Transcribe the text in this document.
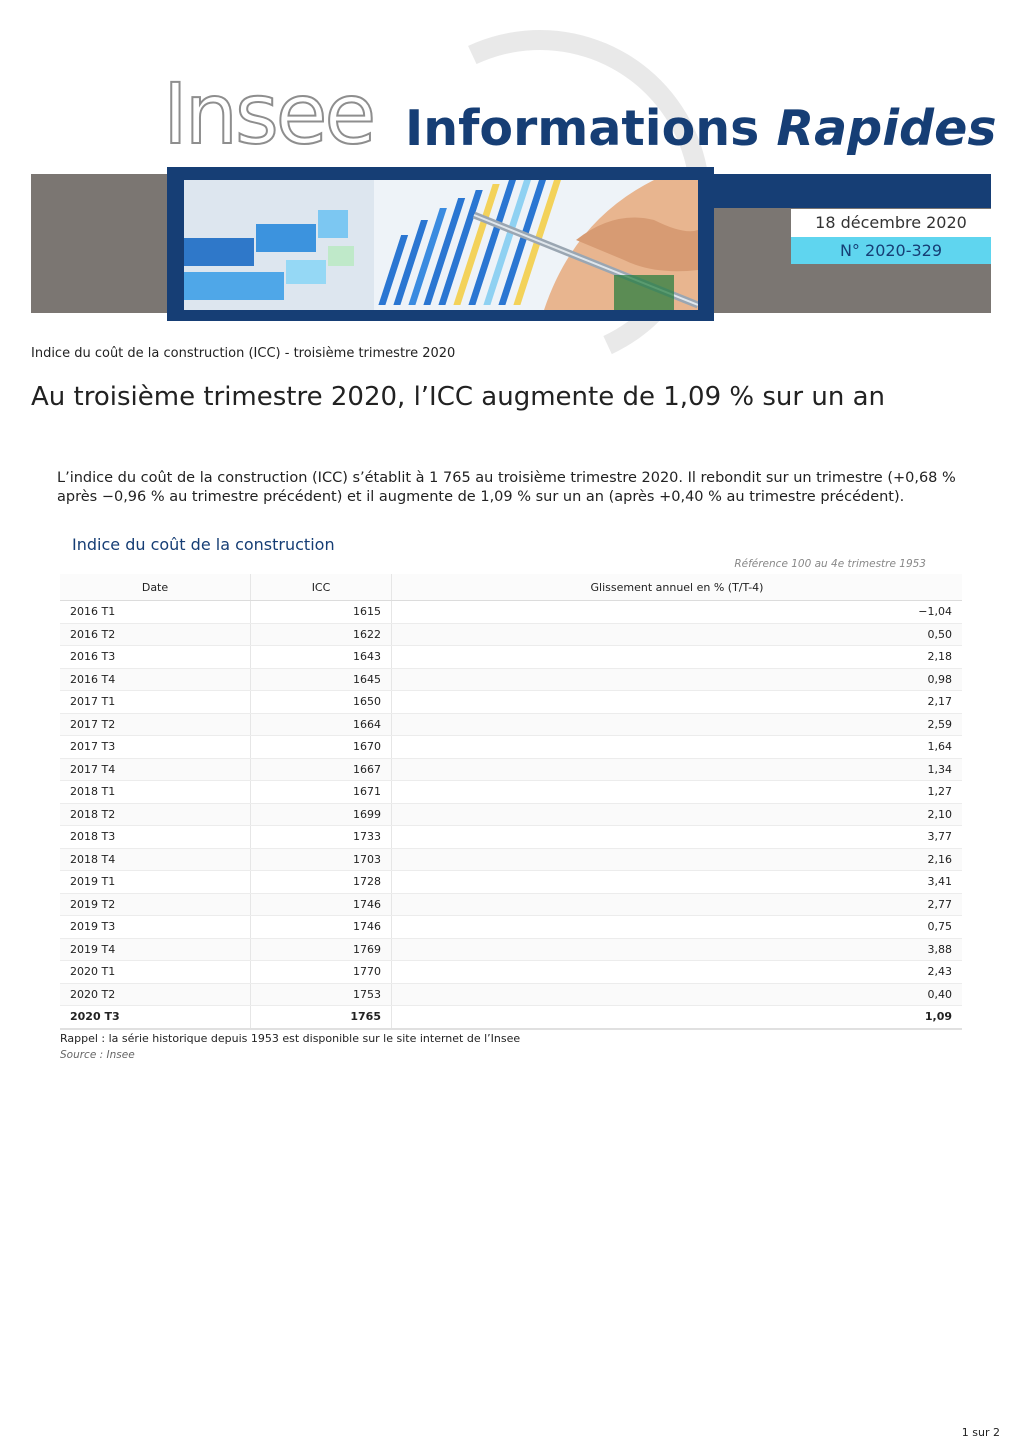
Insee Informations Rapides
18 décembre 2020
N° 2020-329
Indice du coût de la construction (ICC) - troisième trimestre 2020
Au troisième trimestre 2020, l’ICC augmente de 1,09 % sur un an
L’indice du coût de la construction (ICC) s’établit à 1 765 au troisième trimestre 2020. Il rebondit sur un trimestre (+0,68 % après −0,96 % au trimestre précédent) et il augmente de 1,09 % sur un an (après +0,40 % au trimestre précédent).
Indice du coût de la construction
Référence 100 au 4e trimestre 1953
Date	ICC	Glissement annuel en % (T/T-4)
2016 T1	1615	−1,04
2016 T2	1622	0,50
2016 T3	1643	2,18
2016 T4	1645	0,98
2017 T1	1650	2,17
2017 T2	1664	2,59
2017 T3	1670	1,64
2017 T4	1667	1,34
2018 T1	1671	1,27
2018 T2	1699	2,10
2018 T3	1733	3,77
2018 T4	1703	2,16
2019 T1	1728	3,41
2019 T2	1746	2,77
2019 T3	1746	0,75
2019 T4	1769	3,88
2020 T1	1770	2,43
2020 T2	1753	0,40
2020 T3	1765	1,09
Rappel : la série historique depuis 1953 est disponible sur le site internet de l’Insee
Source : Insee
1 sur 2
